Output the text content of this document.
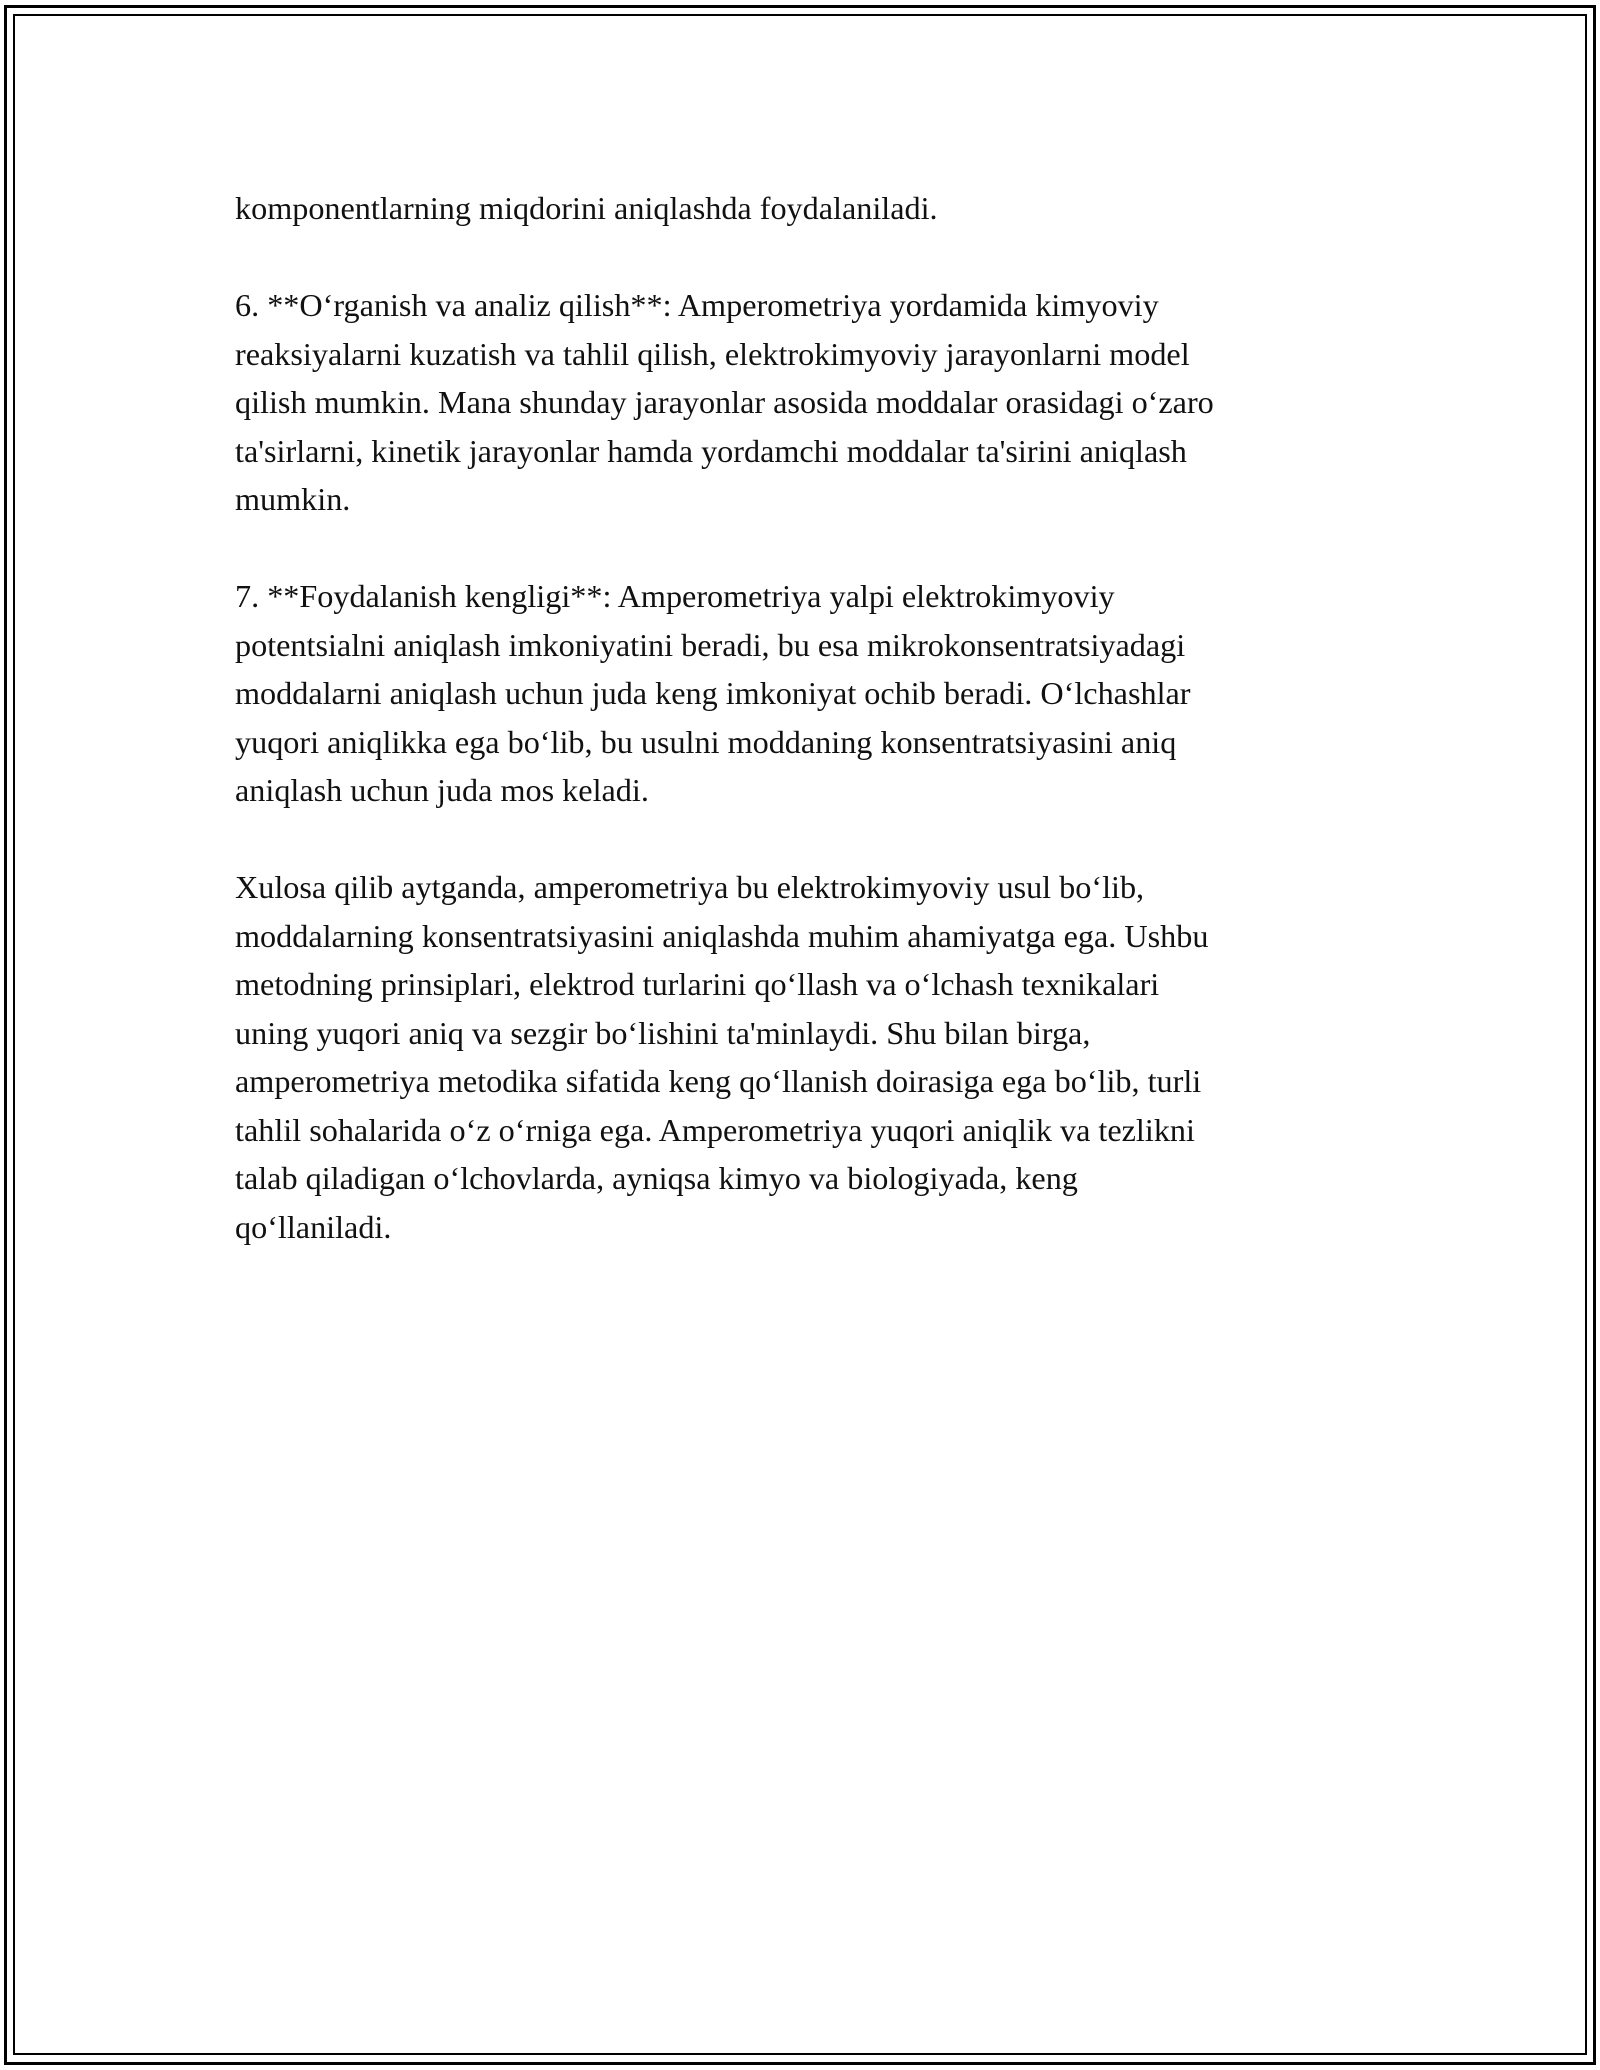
komponentlarning miqdorini aniqlashda foydalaniladi.

6. **O‘rganish va analiz qilish**: Amperometriya yordamida kimyoviy
reaksiyalarni kuzatish va tahlil qilish, elektrokimyoviy jarayonlarni model
qilish mumkin. Mana shunday jarayonlar asosida moddalar orasidagi o‘zaro
ta'sirlarni, kinetik jarayonlar hamda yordamchi moddalar ta'sirini aniqlash
mumkin.

7. **Foydalanish kengligi**: Amperometriya yalpi elektrokimyoviy
potentsialni aniqlash imkoniyatini beradi, bu esa mikrokonsentratsiyadagi
moddalarni aniqlash uchun juda keng imkoniyat ochib beradi. O‘lchashlar
yuqori aniqlikka ega bo‘lib, bu usulni moddaning konsentratsiyasini aniq
aniqlash uchun juda mos keladi.

Xulosa qilib aytganda, amperometriya bu elektrokimyoviy usul bo‘lib,
moddalarning konsentratsiyasini aniqlashda muhim ahamiyatga ega. Ushbu
metodning prinsiplari, elektrod turlarini qo‘llash va o‘lchash texnikalari
uning yuqori aniq va sezgir bo‘lishini ta'minlaydi. Shu bilan birga,
amperometriya metodika sifatida keng qo‘llanish doirasiga ega bo‘lib, turli
tahlil sohalarida o‘z o‘rniga ega. Amperometriya yuqori aniqlik va tezlikni
talab qiladigan o‘lchovlarda, ayniqsa kimyo va biologiyada, keng
qo‘llaniladi.
